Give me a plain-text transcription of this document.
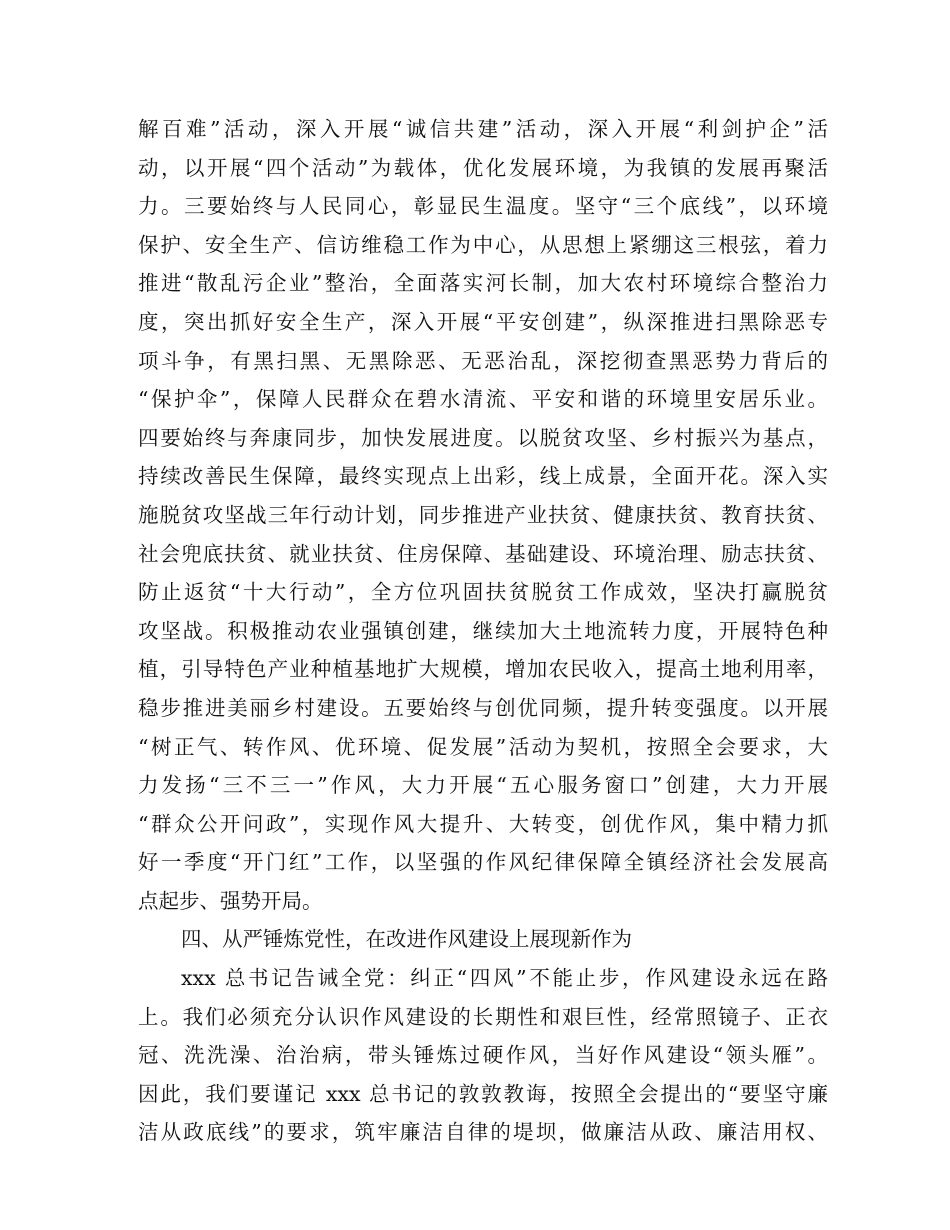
解百难”活动，深入开展“诚信共建”活动，深入开展“利剑护企”活
动，以开展“四个活动”为载体，优化发展环境，为我镇的发展再聚活
力。三要始终与人民同心，彰显民生温度。坚守“三个底线”，以环境
保护、安全生产、信访维稳工作为中心，从思想上紧绷这三根弦，着力
推进“散乱污企业”整治，全面落实河长制，加大农村环境综合整治力
度，突出抓好安全生产，深入开展“平安创建”，纵深推进扫黑除恶专
项斗争，有黑扫黑、无黑除恶、无恶治乱，深挖彻查黑恶势力背后的
“保护伞”，保障人民群众在碧水清流、平安和谐的环境里安居乐业。
四要始终与奔康同步，加快发展进度。以脱贫攻坚、乡村振兴为基点，
持续改善民生保障，最终实现点上出彩，线上成景，全面开花。深入实
施脱贫攻坚战三年行动计划，同步推进产业扶贫、健康扶贫、教育扶贫、
社会兜底扶贫、就业扶贫、住房保障、基础建设、环境治理、励志扶贫、
防止返贫“十大行动”，全方位巩固扶贫脱贫工作成效，坚决打赢脱贫
攻坚战。积极推动农业强镇创建，继续加大土地流转力度，开展特色种
植，引导特色产业种植基地扩大规模，增加农民收入，提高土地利用率，
稳步推进美丽乡村建设。五要始终与创优同频，提升转变强度。以开展
“树正气、转作风、优环境、促发展”活动为契机，按照全会要求，大
力发扬“三不三一”作风，大力开展“五心服务窗口”创建，大力开展
“群众公开问政”，实现作风大提升、大转变，创优作风，集中精力抓
好一季度“开门红”工作，以坚强的作风纪律保障全镇经济社会发展高
点起步、强势开局。
四、从严锤炼党性，在改进作风建设上展现新作为
xxx 总书记告诫全党：纠正“四风”不能止步，作风建设永远在路
上。我们必须充分认识作风建设的长期性和艰巨性，经常照镜子、正衣
冠、洗洗澡、治治病，带头锤炼过硬作风，当好作风建设“领头雁”。
因此，我们要谨记 xxx 总书记的敦敦教诲，按照全会提出的“要坚守廉
洁从政底线”的要求，筑牢廉洁自律的堤坝，做廉洁从政、廉洁用权、
